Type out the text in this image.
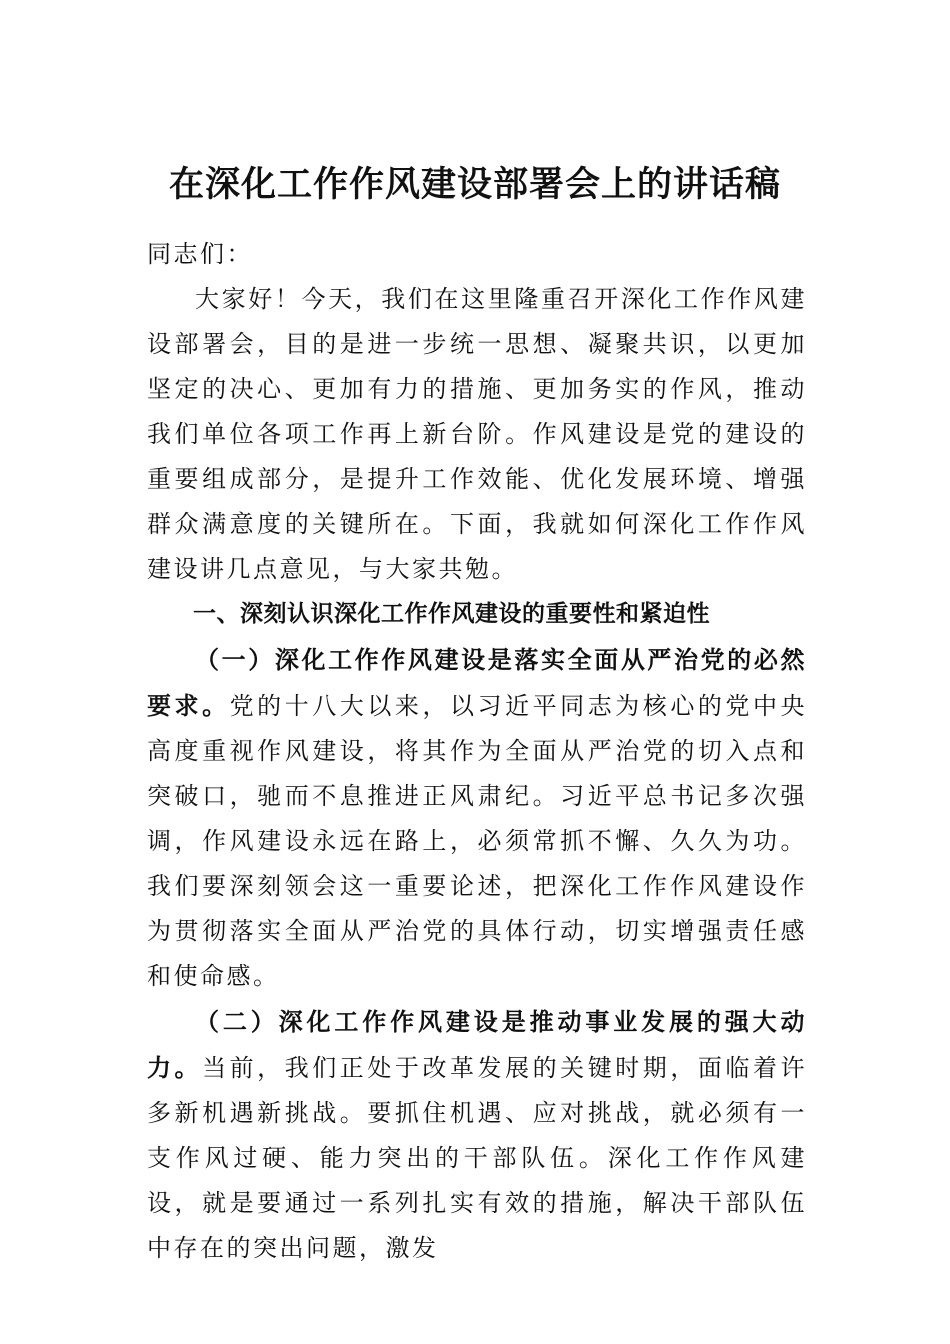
在深化工作作风建设部署会上的讲话稿

同志们：

大家好！今天，我们在这里隆重召开深化工作作风建设部署会，目的是进一步统一思想、凝聚共识，以更加坚定的决心、更加有力的措施、更加务实的作风，推动我们单位各项工作再上新台阶。作风建设是党的建设的重要组成部分，是提升工作效能、优化发展环境、增强群众满意度的关键所在。下面，我就如何深化工作作风建设讲几点意见，与大家共勉。

一、深刻认识深化工作作风建设的重要性和紧迫性

（一）深化工作作风建设是落实全面从严治党的必然要求。党的十八大以来，以习近平同志为核心的党中央高度重视作风建设，将其作为全面从严治党的切入点和突破口，驰而不息推进正风肃纪。习近平总书记多次强调，作风建设永远在路上，必须常抓不懈、久久为功。我们要深刻领会这一重要论述，把深化工作作风建设作为贯彻落实全面从严治党的具体行动，切实增强责任感和使命感。

（二）深化工作作风建设是推动事业发展的强大动力。当前，我们正处于改革发展的关键时期，面临着许多新机遇新挑战。要抓住机遇、应对挑战，就必须有一支作风过硬、能力突出的干部队伍。深化工作作风建设，就是要通过一系列扎实有效的措施，解决干部队伍中存在的突出问题，激发
